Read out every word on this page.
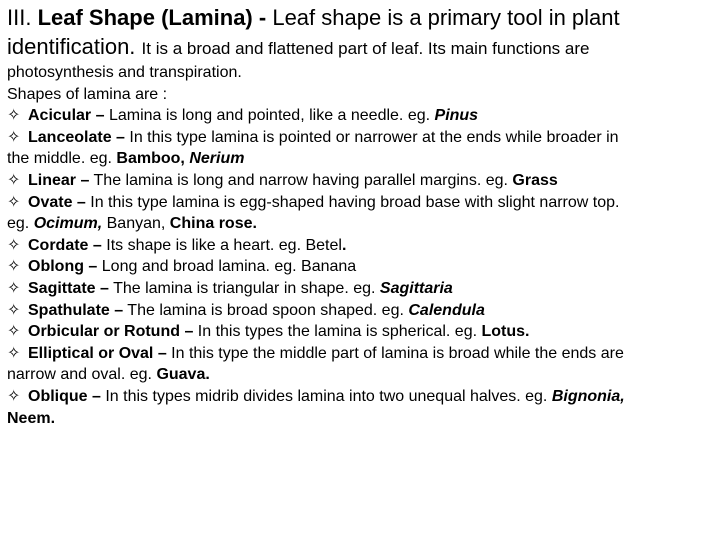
III. Leaf Shape (Lamina) - Leaf shape is a primary tool in plant
identification. It is a broad and flattened part of leaf. Its main functions are
photosynthesis and transpiration.
Shapes of lamina are :
✧ Acicular – Lamina is long and pointed, like a needle. eg. Pinus
✧ Lanceolate – In this type lamina is pointed or narrower at the ends while broader in
the middle. eg. Bamboo, Nerium
✧ Linear – The lamina is long and narrow having parallel margins. eg. Grass
✧ Ovate – In this type lamina is egg-shaped having broad base with slight narrow top.
eg. Ocimum, Banyan, China rose.
✧ Cordate – Its shape is like a heart. eg. Betel.
✧ Oblong – Long and broad lamina. eg. Banana
✧ Sagittate – The lamina is triangular in shape. eg. Sagittaria
✧ Spathulate – The lamina is broad spoon shaped. eg. Calendula
✧ Orbicular or Rotund – In this types the lamina is spherical. eg. Lotus.
✧ Elliptical or Oval – In this type the middle part of lamina is broad while the ends are
narrow and oval. eg. Guava.
✧ Oblique – In this types midrib divides lamina into two unequal halves. eg. Bignonia,
Neem.
